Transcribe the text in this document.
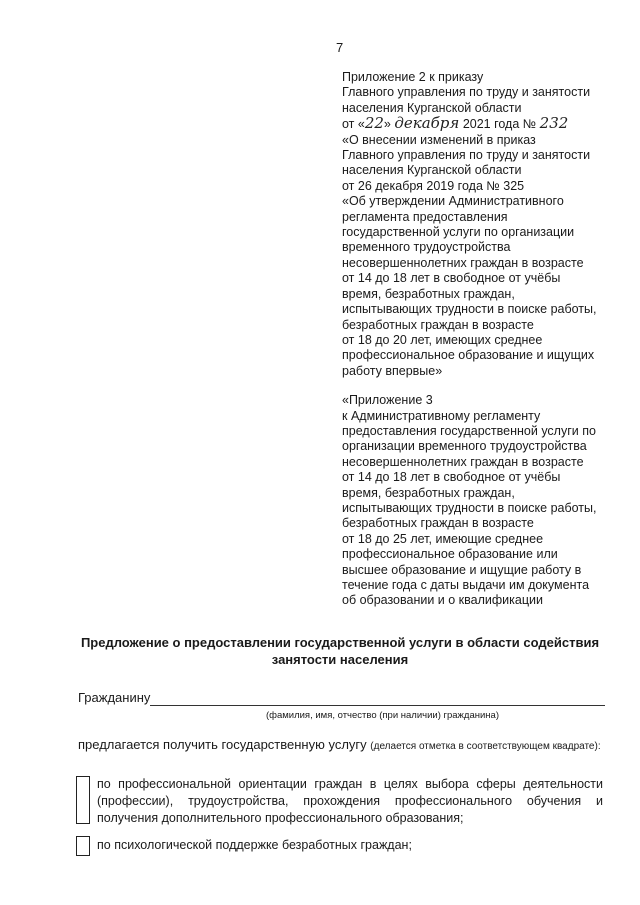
7
Приложение 2 к приказу
Главного управления по труду и занятости
населения Курганской области
от «22» декабря 2021 года № 232
«О внесении изменений в приказ
Главного управления по труду и занятости
населения Курганской области
от 26 декабря 2019 года № 325
«Об утверждении Административного
регламента предоставления
государственной услуги по организации
временного трудоустройства
несовершеннолетних граждан в возрасте
от 14 до 18 лет в свободное от учёбы
время, безработных граждан,
испытывающих трудности в поиске работы,
безработных граждан в возрасте
от 18 до 20 лет, имеющих среднее
профессиональное образование и ищущих
работу впервые»
«Приложение 3
к Административному регламенту
предоставления государственной услуги по
организации временного трудоустройства
несовершеннолетних граждан в возрасте
от 14 до 18 лет в свободное от учёбы
время, безработных граждан,
испытывающих трудности в поиске работы,
безработных граждан в возрасте
от 18 до 25 лет, имеющие среднее
профессиональное образование или
высшее образование и ищущие работу в
течение года с даты выдачи им документа
об образовании и о квалификации
Предложение о предоставлении государственной услуги в области содействия занятости населения
Гражданину
(фамилия, имя, отчество (при наличии) гражданина)
предлагается получить государственную услугу (делается отметка в соответствующем квадрате):
по профессиональной ориентации граждан в целях выбора сферы деятельности (профессии), трудоустройства, прохождения профессионального обучения и получения дополнительного профессионального образования;
по психологической поддержке безработных граждан;
